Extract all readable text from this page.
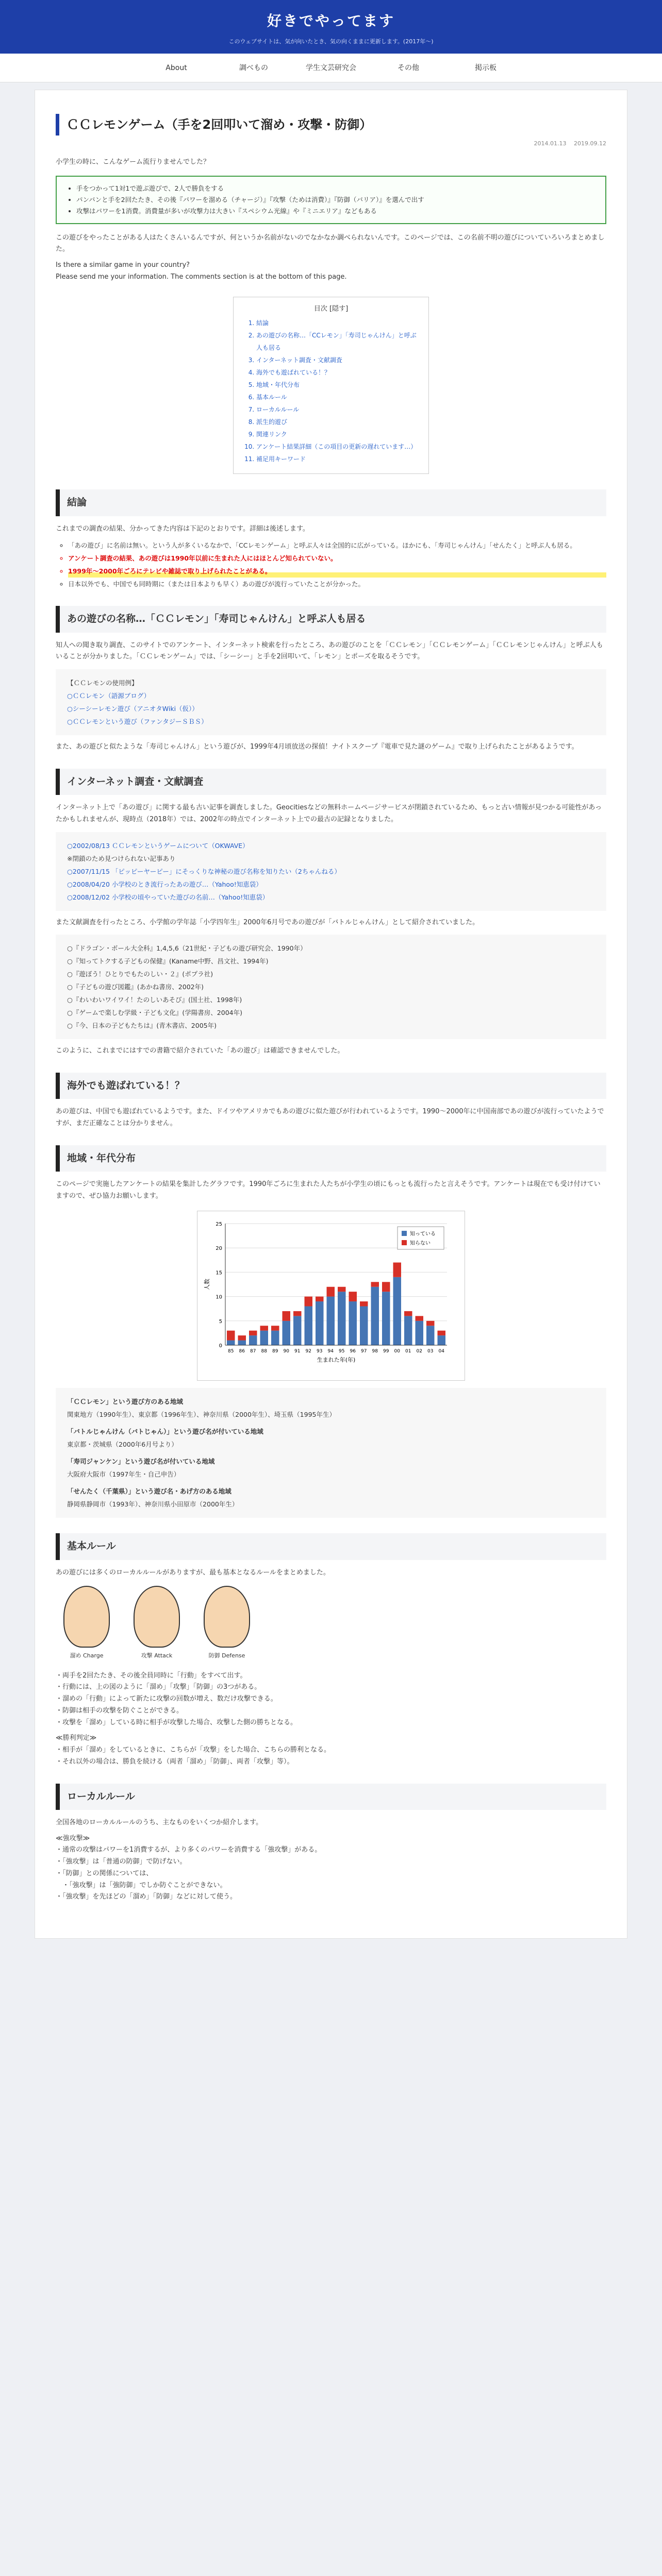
好きでやってます
このウェブサイトは、気が向いたとき、気の向くままに更新します。(2017年〜)
About	調べもの	学生文芸研究会	その他	掲示板
ＣＣレモンゲーム（手を2回叩いて溜め・攻撃・防御）
2014.01.13　 2019.09.12

小学生の時に、こんなゲーム流行りませんでした？

• 手をつかって1対1で遊ぶ遊びで、2人で勝負をする
• パンパンと手を2回たたき、その後『パワーを溜める（チャージ）』『攻撃（ためは消費）』『防御（バリア）』を選んで出す
• 攻撃はパワーを1消費。消費量が多いが攻撃力は大きい『スペシウム光線』や『ミニエリア』などもある

この遊びをやったことがある人はたくさんいるんですが、何というか名前がないのでなかなか調べられないんです。このページでは、この名前不明の遊びについていろいろまとめました。

Is there a similar game in your country?

Please send me your information. The comments section is at the bottom of this page.

目次 [隠す]
1. 結論
2. あの遊びの名称…「CCレモン」「寿司じゃんけん」と呼ぶ人も居る
3. インターネット調査・文献調査
4. 海外でも遊ばれている！？
5. 地域・年代分布
6. 基本ルール
7. ローカルルール
8. 派生的遊び
9. 関連リンク
10. アンケート結果詳細（この項目の更新の遅れています…）
11. 補足用キーワード
結論

これまでの調査の結果、分かってきた内容は下記のとおりです。詳細は後述します。

◦ 「あの遊び」に名前は無い。という人が多くいるなかで、「CCレモンゲーム」と呼ぶ人々は全国的に広がっている。ほかにも、「寿司じゃんけん」「せんたく」と呼ぶ人も居る。
◦ アンケート調査の結果、あの遊びは1990年以前に生まれた人にはほとんど知られていない。
◦ 1999年〜2000年ごろにテレビや雑誌で取り上げられたことがある。
◦ 日本以外でも、中国でも同時期に（または日本よりも早く）あの遊びが流行っていたことが分かった。
あの遊びの名称…「ＣＣレモン」「寿司じゃんけん」と呼ぶ人も居る

知人への聞き取り調査、このサイトでのアンケート、インターネット検索を行ったところ、あの遊びのことを「ＣＣレモン」「ＣＣレモンゲーム」「ＣＣレモンじゃんけん」と呼ぶ人もいることが分かりました。「ＣＣレモンゲーム」では、「シーシー」と手を2回叩いて、「レモン」とポーズを取るそうです。

【ＣＣレモンの使用例】
○ＣＣレモン（語源ブログ）
○シーシーレモン遊び（アニオタWiki（仮））
○ＣＣレモンという遊び（ファンタジーＳＢＳ）

また、あの遊びと似たような「寿司じゃんけん」という遊びが、1999年4月頃放送の探偵！ナイトスクープ『電車で見た謎のゲーム』で取り上げられたことがあるようです。

インターネット調査・文献調査

インターネット上で「あの遊び」に関する最も古い記事を調査しました。Geocitiesなどの無料ホームページサービスが閉鎖されているため、もっと古い情報が見つかる可能性があったかもしれませんが、現時点（2018年）では、2002年の時点でインターネット上での最古の記録となりました。

○2002/08/13 ＣＣレモンというゲームについて（OKWAVE）
※閉鎖のため見つけられない記事あり
○2007/11/15 「ピッピーヤーピー」にそっくりな神秘の遊び名称を知りたい（2ちゃんねる）
○2008/04/20 小学校のとき流行ったあの遊び…（Yahoo!知恵袋）
○2008/12/02 小学校の頃やっていた遊びの名前…（Yahoo!知恵袋）

また文献調査を行ったところ、小学館の学年誌「小学四年生」2000年6月号であの遊びが「バトルじゃんけん」として紹介されていました。

○『ドラゴン・ボール大全科』1,4,5,6（21世紀・子どもの遊び研究会、1990年）
○『知ってトクする子どもの保健』(Kaname中野、昌文社、1994年)
○『遊ぼう！ひとりでもたのしい・２』(ポプラ社)
○『子どもの遊び図鑑』(あかね書房、2002年)
○『わいわいワイワイ！たのしいあそび』(国土社、1998年)
○『ゲームで楽しむ学級・子ども文化』(学陽書房、2004年)
○『今、日本の子どもたちは』(青木書店、2005年)

このように、これまでにはすでの書籍で紹介されていた「あの遊び」は確認できませんでした。

海外でも遊ばれている！？

あの遊びは、中国でも遊ばれているようです。また、ドイツやアメリカでもあの遊びに似た遊びが行われているようです。1990〜2000年に中国南部であの遊びが流行っていたようですが、まだ正確なことは分かりません。

地域・年代分布

このページで実施したアンケートの結果を集計したグラフです。1990年ごろに生まれた人たちが小学生の頃にもっとも流行ったと言えそうです。アンケートは現在でも受け付けていますので、ぜひ協力お願いします。

0
5
10
15
20
25
85 86 87 88 89 90 91 92 93 94 95 96 97 98 99 00 01 02 03 04
生まれた年(年)
人数
知っている
知らない
「ＣＣレモン」という遊び方のある地域
関東地方（1990年生）、東京都（1996年生）、神奈川県（2000年生）、埼玉県（1995年生）
「バトルじゃんけん（バトじゃん）」という遊び名が付いている地域
東京都・茨城県（2000年6月号より）
「寿司ジャンケン」という遊び名が付いている地域
大阪府大阪市（1997年生・自己申告）
「せんたく（千葉県）」という遊び名・あげ方のある地域
静岡県静岡市（1993年）、神奈川県小田原市（2000年生）
基本ルール

あの遊びには多くのローカルルールがありますが、最も基本となるルールをまとめました。

溜め Charge	攻撃 Attack	防御 Defense

・両手を2回たたき、その後全員同時に「行動」をすべて出す。

・行動には、上の図のように「溜め」「攻撃」「防御」の3つがある。

・溜めの「行動」によって新たに攻撃の回数が増え、数だけ攻撃できる。

・防御は相手の攻撃を防ぐことができる。

・攻撃を「溜め」している時に相手が攻撃した場合、攻撃した側の勝ちとなる。

≪勝利判定≫

・相手が「溜め」をしているときに、こちらが「攻撃」をした場合、こちらの勝利となる。

・それ以外の場合は、勝負を続ける（両者「溜め」「防御」、両者「攻撃」等）。

ローカルルール

全国各地のローカルルールのうち、主なものをいくつか紹介します。

≪強攻撃≫

・通常の攻撃はパワーを1消費するが、より多くのパワーを消費する「強攻撃」がある。

・「強攻撃」は「普通の防御」で防げない。

・「防御」との関係については、

　・「強攻撃」は「強防御」でしか防ぐことができない。

・「強攻撃」を先ほどの「溜め」「防御」などに対して使う。
